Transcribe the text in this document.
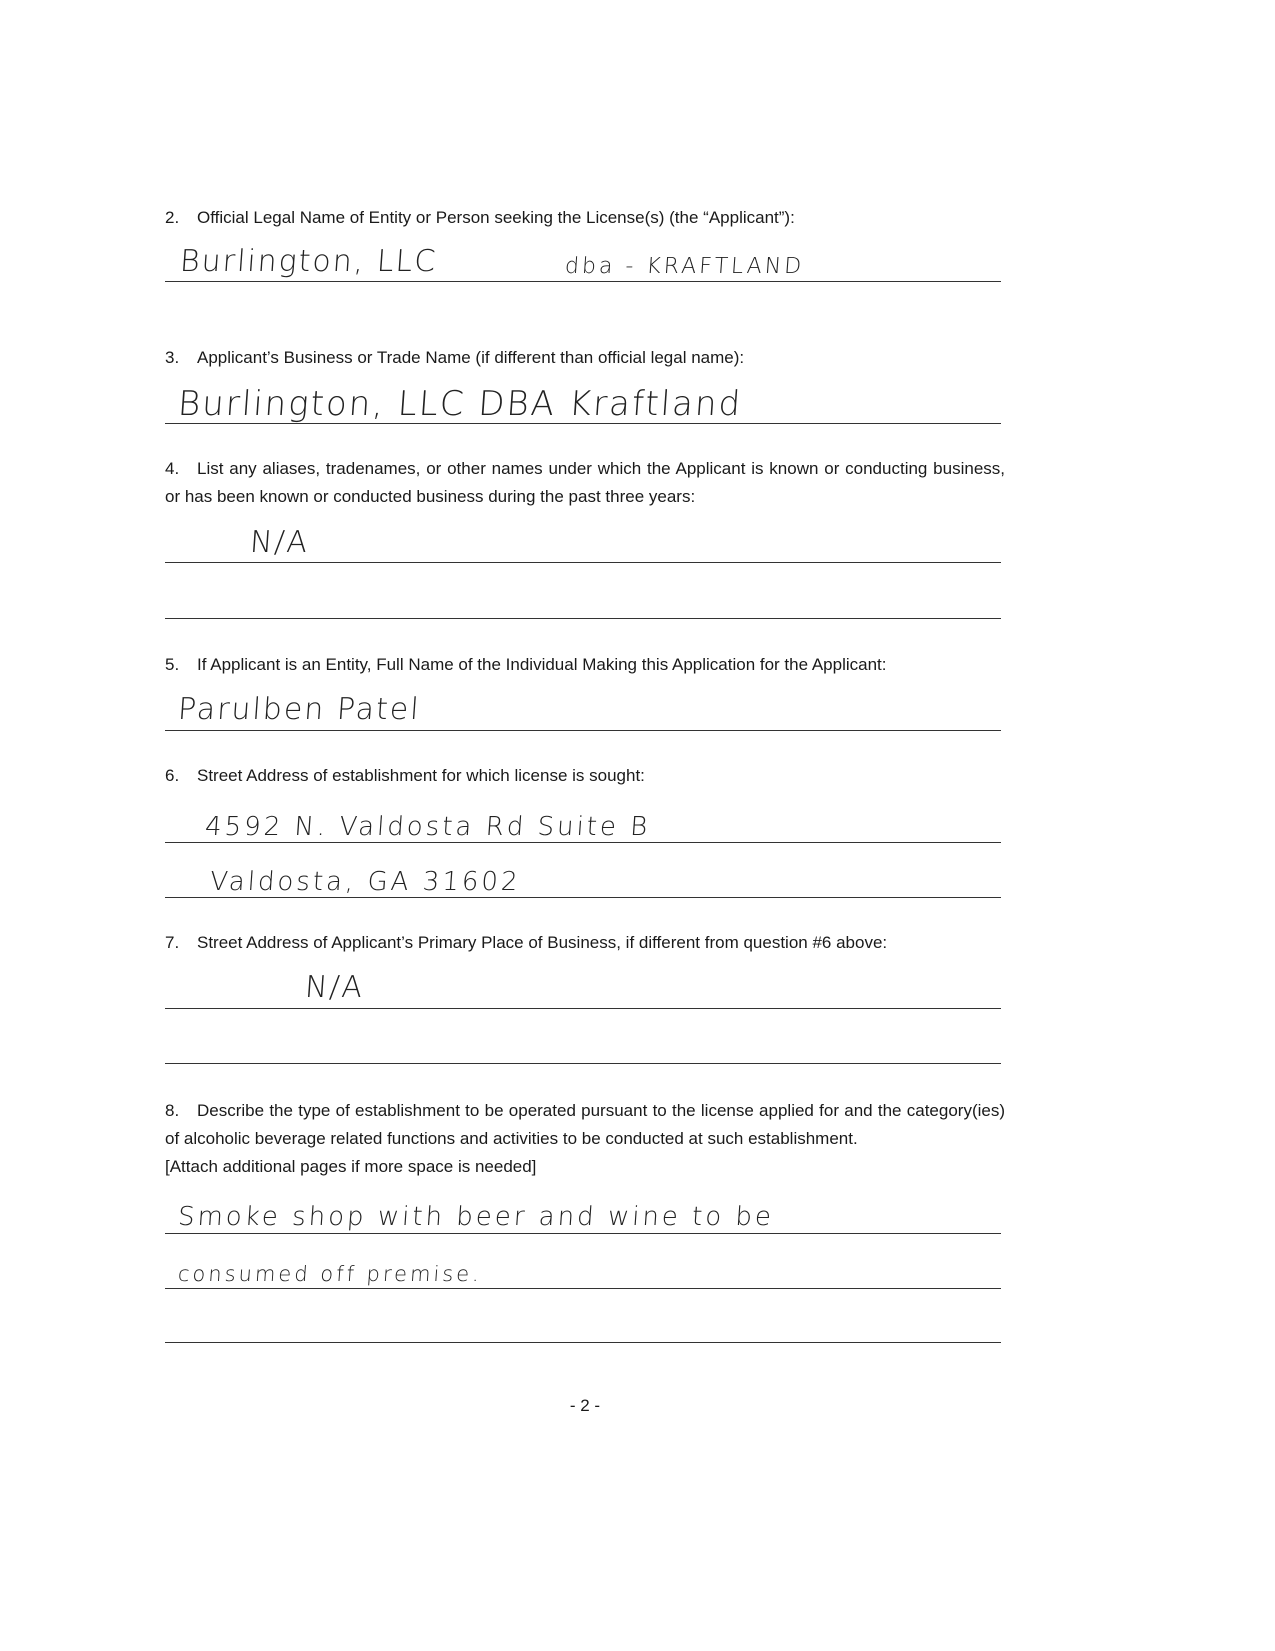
2. Official Legal Name of Entity or Person seeking the License(s) (the “Applicant”):
Burlington, LLC	dba - KRAFTLAND
3. Applicant’s Business or Trade Name (if different than official legal name):
Burlington, LLC DBA Kraftland
4. List any aliases, tradenames, or other names under which the Applicant is known or conducting business, or has been known or conducted business during the past three years:
N/A
5. If Applicant is an Entity, Full Name of the Individual Making this Application for the Applicant:
Parulben Patel
6. Street Address of establishment for which license is sought:
4592 N. Valdosta Rd Suite B
Valdosta, GA 31602
7. Street Address of Applicant’s Primary Place of Business, if different from question #6 above:
N/A
8. Describe the type of establishment to be operated pursuant to the license applied for and the category(ies) of alcoholic beverage related functions and activities to be conducted at such establishment.
[Attach additional pages if more space is needed]
Smoke shop with beer and wine to be
consumed off premise.
- 2 -
